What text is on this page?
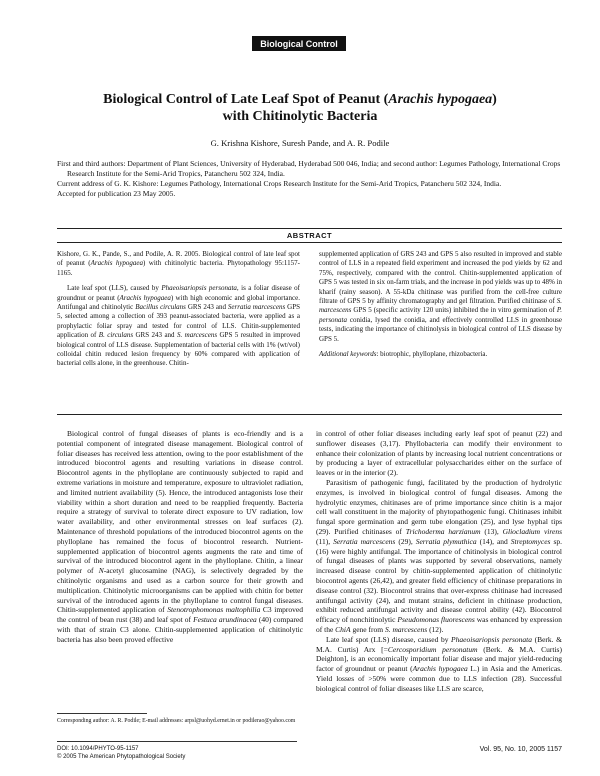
Biological Control
Biological Control of Late Leaf Spot of Peanut (Arachis hypogaea)
with Chitinolytic Bacteria
G. Krishna Kishore, Suresh Pande, and A. R. Podile

First and third authors: Department of Plant Sciences, University of Hyderabad, Hyderabad 500 046, India; and second author: Legumes Pathology, International Crops Research Institute for the Semi-Arid Tropics, Patancheru 502 324, India.

Current address of G. K. Kishore: Legumes Pathology, International Crops Research Institute for the Semi-Arid Tropics, Patancheru 502 324, India.

Accepted for publication 23 May 2005.

ABSTRACT

Kishore, G. K., Pande, S., and Podile, A. R. 2005. Biological control of late leaf spot of peanut (Arachis hypogaea) with chitinolytic bacteria. Phytopathology 95:1157-1165.

Late leaf spot (LLS), caused by Phaeoisariopsis personata, is a foliar disease of groundnut or peanut (Arachis hypogaea) with high economic and global importance. Antifungal and chitinolytic Bacillus circulans GRS 243 and Serratia marcescens GPS 5, selected among a collection of 393 peanut-associated bacteria, were applied as a prophylactic foliar spray and tested for control of LLS. Chitin-supplemented application of B. circulans GRS 243 and S. marcescens GPS 5 resulted in improved biological control of LLS disease. Supplementation of bacterial cells with 1% (wt/vol) colloidal chitin reduced lesion frequency by 60% compared with application of bacterial cells alone, in the greenhouse. Chitin-

supplemented application of GRS 243 and GPS 5 also resulted in improved and stable control of LLS in a repeated field experiment and increased the pod yields by 62 and 75%, respectively, compared with the control. Chitin-supplemented application of GPS 5 was tested in six on-farm trials, and the increase in pod yields was up to 48% in kharif (rainy season). A 55-kDa chitinase was purified from the cell-free culture filtrate of GPS 5 by affinity chromatography and gel filtration. Purified chitinase of S. marcescens GPS 5 (specific activity 120 units) inhibited the in vitro germination of P. personata conidia, lysed the conidia, and effectively controlled LLS in greenhouse tests, indicating the importance of chitinolysis in biological control of LLS disease by GPS 5.

Additional keywords: biotrophic, phylloplane, rhizobacteria.

Biological control of fungal diseases of plants is eco-friendly and is a potential component of integrated disease management. Biological control of foliar diseases has received less attention, owing to the poor establishment of the introduced biocontrol agents and resulting variations in disease control. Biocontrol agents in the phylloplane are continuously subjected to rapid and extreme variations in moisture and temperature, exposure to ultraviolet radiation, and limited nutrient availability (5). Hence, the introduced antagonists lose their viability within a short duration and need to be reapplied frequently. Bacteria require a strategy of survival to tolerate direct exposure to UV radiation, low water availability, and other environmental stresses on leaf surfaces (2). Maintenance of threshold populations of the introduced biocontrol agents on the phylloplane has remained the focus of biocontrol research. Nutrient-supplemented application of biocontrol agents augments the rate and time of survival of the introduced biocontrol agent in the phylloplane. Chitin, a linear polymer of N-acetyl glucosamine (NAG), is selectively degraded by the chitinolytic organisms and used as a carbon source for their growth and multiplication. Chitinolytic microorganisms can be applied with chitin for better survival of the introduced agents in the phylloplane to control fungal diseases. Chitin-supplemented application of Stenotrophomonas maltophilia C3 improved the control of bean rust (38) and leaf spot of Festuca arundinacea (40) compared with that of strain C3 alone. Chitin-supplemented application of chitinolytic bacteria has also been proved effective

in control of other foliar diseases including early leaf spot of peanut (22) and sunflower diseases (3,17). Phyllobacteria can modify their environment to enhance their colonization of plants by increasing local nutrient concentrations or by producing a layer of extracellular polysaccharides either on the surface of leaves or in the interior (2).

Parasitism of pathogenic fungi, facilitated by the production of hydrolytic enzymes, is involved in biological control of fungal diseases. Among the hydrolytic enzymes, chitinases are of prime importance since chitin is a major cell wall constituent in the majority of phytopathogenic fungi. Chitinases inhibit fungal spore germination and germ tube elongation (25), and lyse hyphal tips (29). Purified chitinases of Trichoderma harzianum (13), Gliocladium virens (11), Serratia marcescens (29), Serratia plymuthica (14), and Streptomyces sp. (16) were highly antifungal. The importance of chitinolysis in biological control of fungal diseases of plants was supported by several observations, namely increased disease control by chitin-supplemented application of chitinolytic biocontrol agents (26,42), and greater field efficiency of chitinase preparations in disease control (32). Biocontrol strains that over-express chitinase had increased antifungal activity (24), and mutant strains, deficient in chitinase production, exhibit reduced antifungal activity and disease control ability (42). Biocontrol efficacy of nonchitinolytic Pseudomonas fluorescens was enhanced by expression of the ChiA gene from S. marcescens (12).

Late leaf spot (LLS) disease, caused by Phaeoisariopsis personata (Berk. & M.A. Curtis) Arx [=Cercosporidium personatum (Berk. & M.A. Curtis) Deighton], is an economically important foliar disease and major yield-reducing factor of groundnut or peanut (Arachis hypogaea L.) in Asia and the Americas. Yield losses of >50% were common due to LLS infection (28). Successful biological control of foliar diseases like LLS are scarce,

Corresponding author: A. R. Podile; E-mail addresses: arpsl@uohyd.ernet.in or podilerao@yahoo.com
DOI: 10.1094/PHYTO-95-1157
© 2005 The American Phytopathological Society
Vol. 95, No. 10, 2005 1157
